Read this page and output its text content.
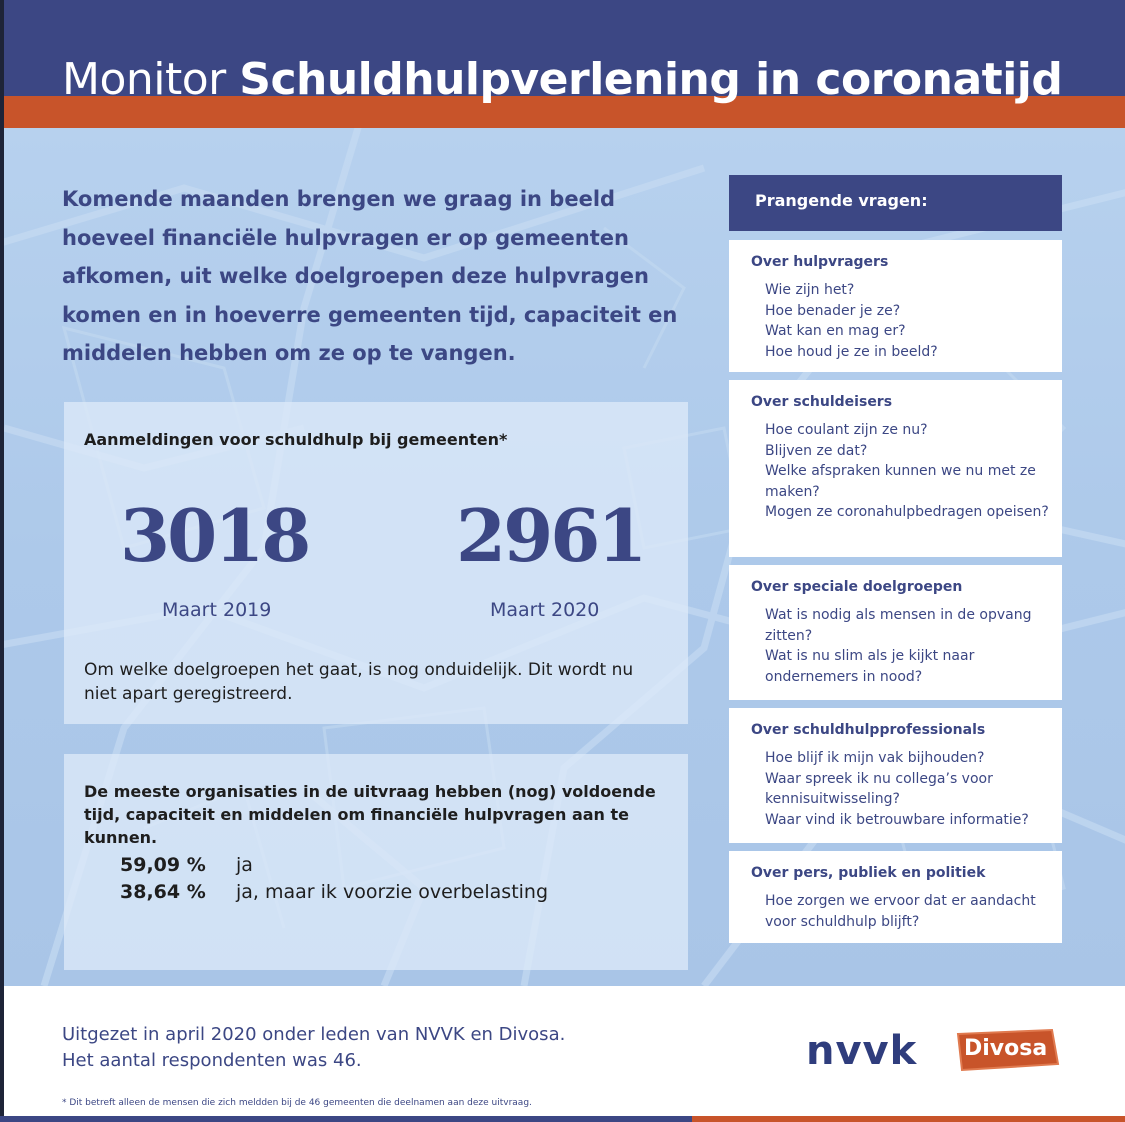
Monitor Schuldhulpverlening in coronatijd
Komende maanden brengen we graag in beeld hoeveel financiële hulpvragen er op gemeenten afkomen, uit welke doelgroepen deze hulpvragen komen en in hoeverre gemeenten tijd, capaciteit en middelen hebben om ze op te vangen.
Aanmeldingen voor schuldhulp bij gemeenten*
3018
Maart 2019
2961
Maart 2020
Om welke doelgroepen het gaat, is nog onduidelijk. Dit wordt nu niet apart geregistreerd.
De meeste organisaties in de uitvraag hebben (nog) voldoende tijd, capaciteit en middelen om financiële hulpvragen aan te kunnen.
59,09 % ja
38,64 % ja, maar ik voorzie overbelasting
Prangende vragen:
Over hulpvragers
Wie zijn het?
Hoe benader je ze?
Wat kan en mag er?
Hoe houd je ze in beeld?
Over schuldeisers
Hoe coulant zijn ze nu?
Blijven ze dat?
Welke afspraken kunnen we nu met ze maken?
Mogen ze coronahulpbedragen opeisen?
Over speciale doelgroepen
Wat is nodig als mensen in de opvang zitten?
Wat is nu slim als je kijkt naar ondernemers in nood?
Over schuldhulpprofessionals
Hoe blijf ik mijn vak bijhouden?
Waar spreek ik nu collega’s voor kennisuitwisseling?
Waar vind ik betrouwbare informatie?
Over pers, publiek en politiek
Hoe zorgen we ervoor dat er aandacht voor schuldhulp blijft?
Uitgezet in april 2020 onder leden van NVVK en Divosa.
Het aantal respondenten was 46.
* Dit betreft alleen de mensen die zich meldden bij de 46 gemeenten die deelnamen aan deze uitvraag.
nvvk Divosa
